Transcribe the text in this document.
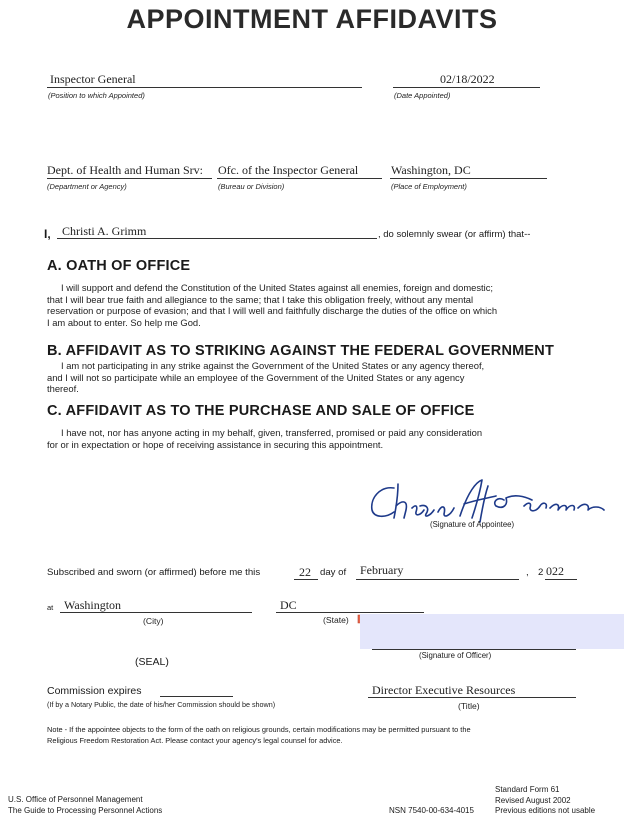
APPOINTMENT AFFIDAVITS
Inspector General
(Position to which Appointed)
02/18/2022
(Date Appointed)
Dept. of Health and Human Srv:
(Department or Agency)
Ofc. of the Inspector General
(Bureau or Division)
Washington, DC
(Place of Employment)
I, Christi A. Grimm	, do solemnly swear (or affirm) that--
A. OATH OF OFFICE
I will support and defend the Constitution of the United States against all enemies, foreign and domestic;
that I will bear true faith and allegiance to the same; that I take this obligation freely, without any mental
reservation or purpose of evasion; and that I will well and faithfully discharge the duties of the office on which
I am about to enter. So help me God.
B. AFFIDAVIT AS TO STRIKING AGAINST THE FEDERAL GOVERNMENT
I am not participating in any strike against the Government of the United States or any agency thereof,
and I will not so participate while an employee of the Government of the United States or any agency
thereof.
C. AFFIDAVIT AS TO THE PURCHASE AND SALE OF OFFICE
I have not, nor has anyone acting in my behalf, given, transferred, promised or paid any consideration
for or in expectation or hope of receiving assistance in securing this appointment.
(Signature of Appointee)
Subscribed and sworn (or affirmed) before me this	22 day of February	, 2 022
at Washington
(City)
DC
(State)
(Signature of Officer)
(SEAL)
Commission expires
(If by a Notary Public, the date of his/her Commission should be shown)
Director Executive Resources
(Title)
Note - If the appointee objects to the form of the oath on religious grounds, certain modifications may be permitted pursuant to the
Religious Freedom Restoration Act. Please contact your agency's legal counsel for advice.
U.S. Office of Personnel Management
The Guide to Processing Personnel Actions	NSN 7540-00-634-4015
Standard Form 61
Revised August 2002
Previous editions not usable
